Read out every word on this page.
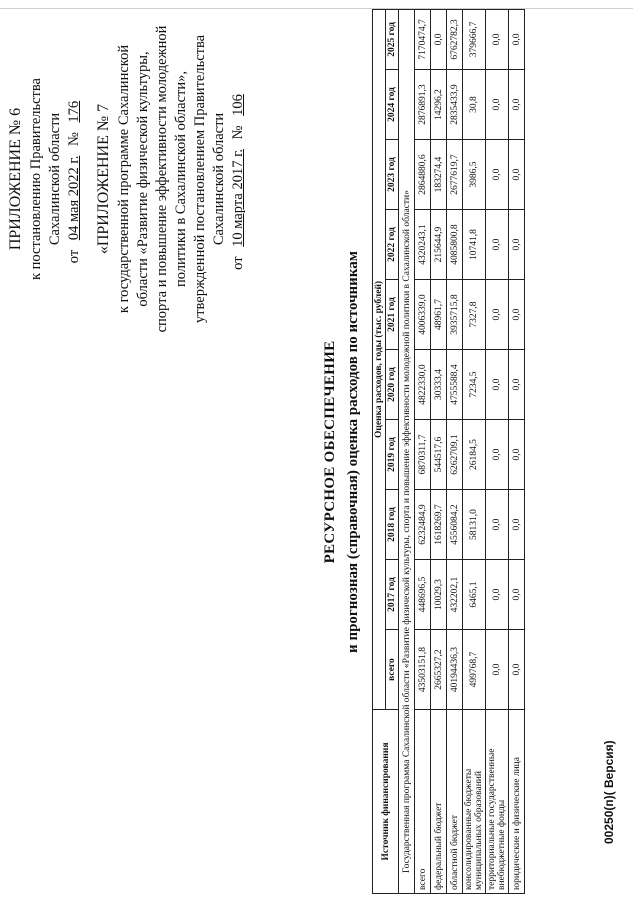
ПРИЛОЖЕНИЕ № 6 к постановлению Правительства Сахалинской области
от 04 мая 2022 г. № 176 «ПРИЛОЖЕНИЕ № 7 к государственной программе Сахалинской области «Развитие физической культуры, спорта и повышение эффективности молодежной политики в Сахалинской области», утвержденной постановлением Правительства Сахалинской области
от 10 марта 2017 г. № 106
РЕСУРСНОЕ ОБЕСПЕЧЕНИЕ и прогнозная (справочная) оценка расходов по источникам
Источник финансирования	Оценка расходов, годы (тыс. рублей)									
	всего	2017 год	2018 год	2019 год	2020 год	2021 год	2022 год	2023 год	2024 год	2025 год
Государственная программа Сахалинской области «Развитие физической культуры, спорта и повышение эффективности молодежной политики в Сахалинской области»										
всего	43503151,8	448696,5	6232484,9	6870311,7	4822330,0	4006339,0	4320243,1	2864880,6	2876891,3	7170474,7
федеральный бюджет	2665327,2	10029,3	1618269,7	544517,6	30333,4	48961,7	215644,9	183274,4	14296,2	0,0
областной бюджет	40194436,3	432202,1	4556084,2	6262709,1	4755588,4	3935715,8	4085800,8	2677619,7	2835433,9	6762782,3
консолидированные бюджеты муниципальных образований	499768,7	6465,1	58131,0	26184,5	7234,5	7327,8	10741,8	3986,5	30,8	379666,7
территориальные государственные внебюджетные фонды	0,0	0,0	0,0	0,0	0,0	0,0	0,0	0,0	0,0	0,0
юридические и физические лица	0,0	0,0	0,0	0,0	0,0	0,0	0,0	0,0	0,0	0,0
00250(п)( Версия)
